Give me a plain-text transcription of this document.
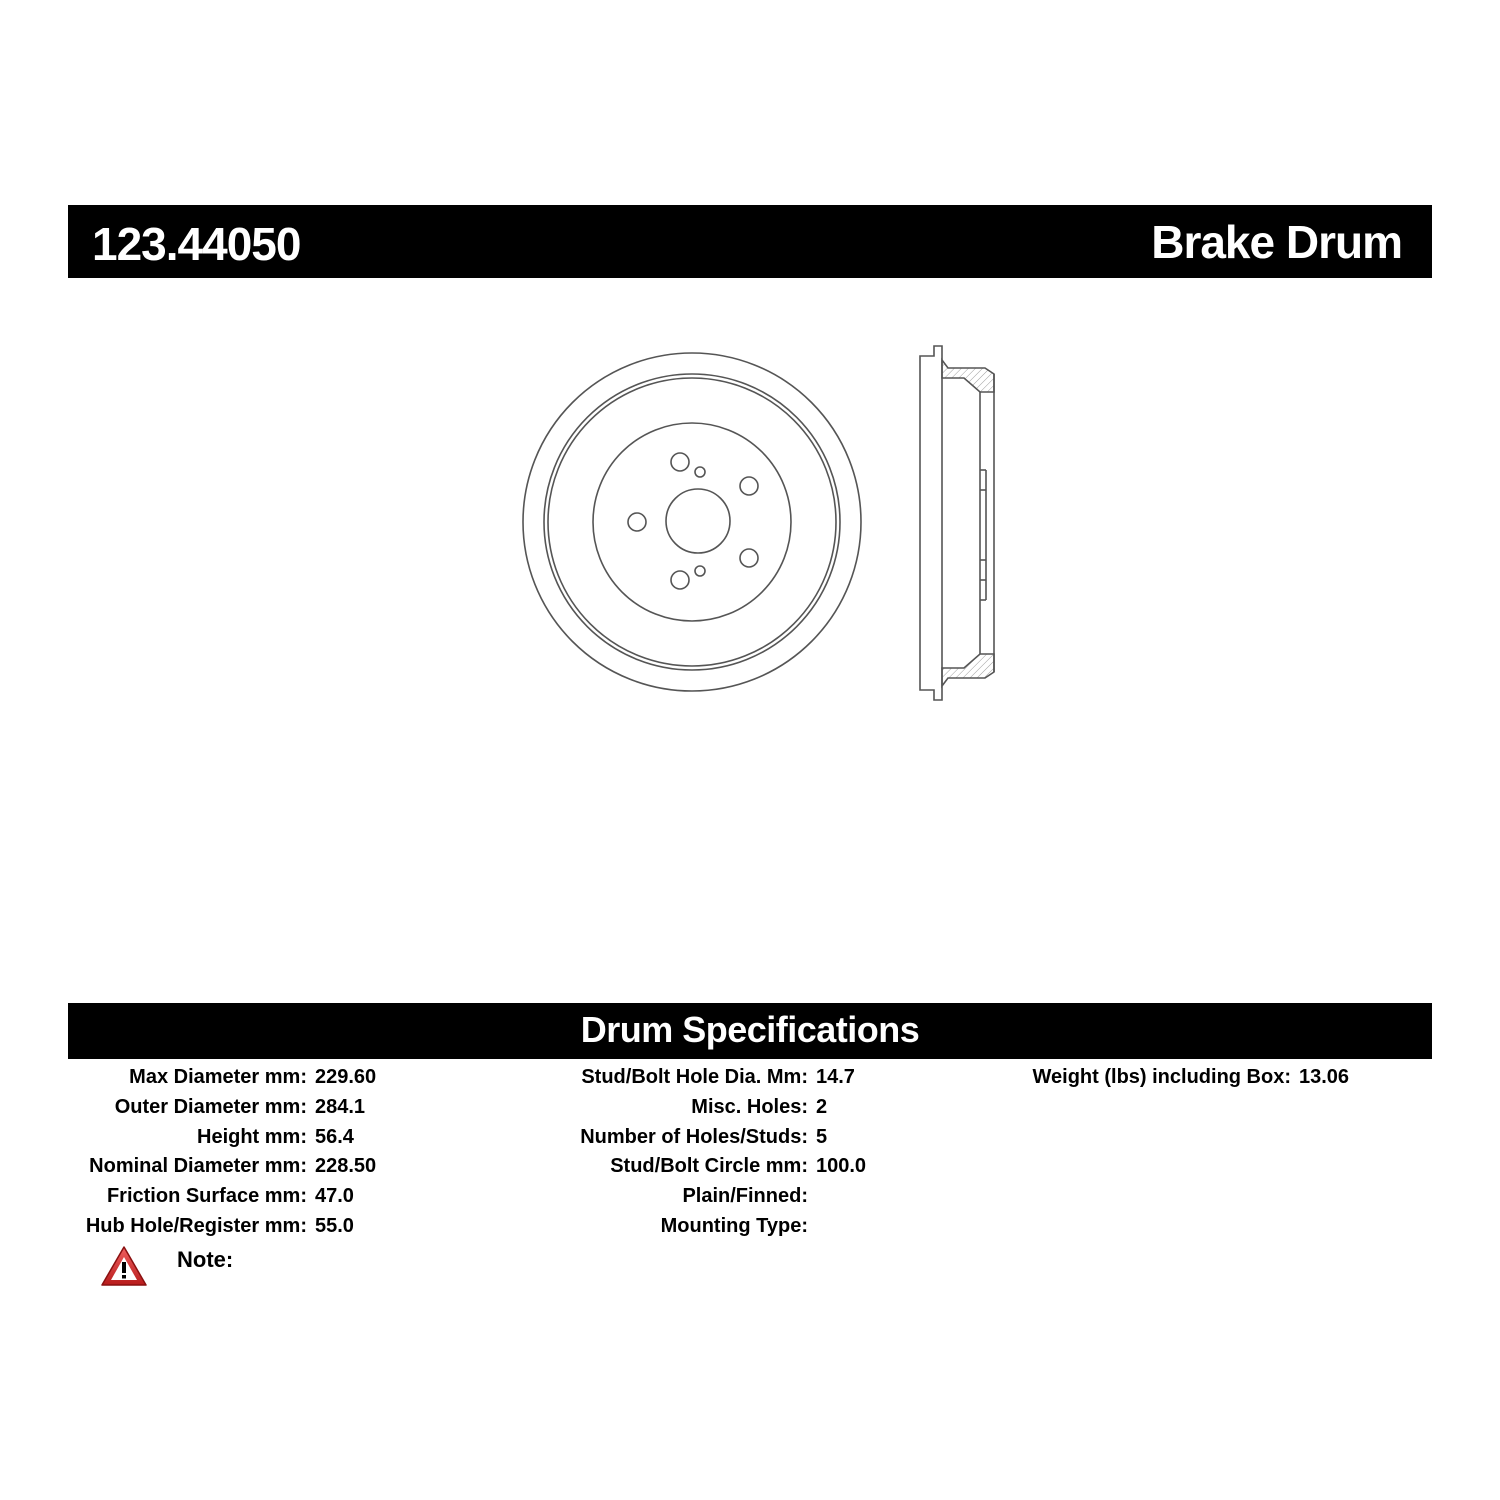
123.44050	Brake Drum
Drum Specifications
Max Diameter mm: 229.60
Outer Diameter mm: 284.1
Height mm: 56.4
Nominal Diameter mm: 228.50
Friction Surface mm: 47.0
Hub Hole/Register mm: 55.0
Stud/Bolt Hole Dia. Mm: 14.7
Misc. Holes: 2
Number of Holes/Studs: 5
Stud/Bolt Circle mm: 100.0
Plain/Finned:
Mounting Type:
Weight (lbs) including Box: 13.06
Note:
